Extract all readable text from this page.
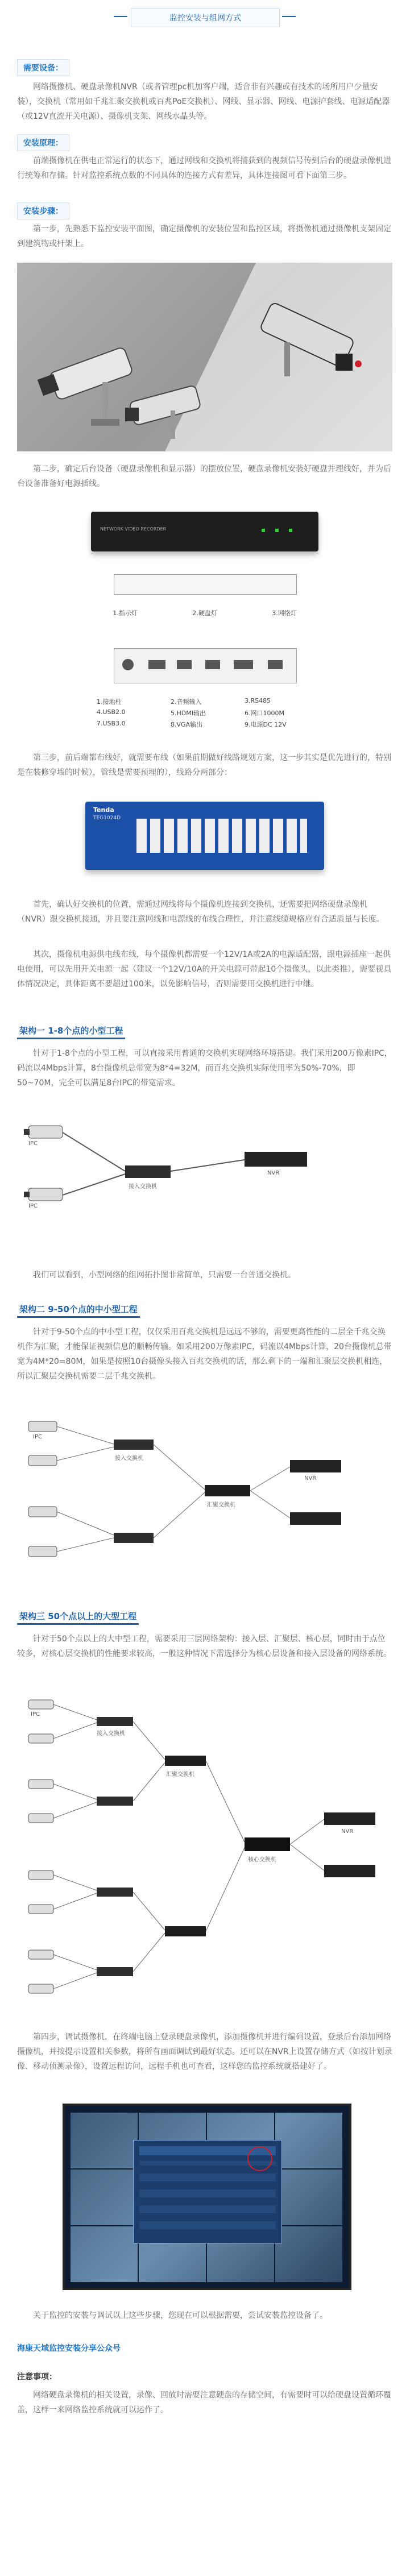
监控安装与组网方式
需要设备：
网络摄像机、硬盘录像机NVR（或者管理pc机加客户端，适合非有兴趣或有技术的场所用户少量安装），交换机（常用如千兆汇聚交换机或百兆PoE交换机）、网线、显示器、网线、电源护套线、电源适配器（或12V直流开关电源）、摄像机支架、网线水晶头等。
安装原理：
前端摄像机在供电正常运行的状态下，通过网线和交换机将捕获到的视频信号传到后台的硬盘录像机进行统筹和存储。针对监控系统点数的不同具体的连接方式有差异，具体连接图可看下面第三步。
安装步骤：
第一步，先熟悉下监控安装平面图，确定摄像机的安装位置和监控区域，将摄像机通过摄像机支架固定到建筑物或杆架上。
第二步，确定后台设备（硬盘录像机和显示器）的摆放位置，硬盘录像机安装好硬盘并理线好，并为后台设备准备好电源插线。
NETWORK VIDEO RECORDER
1.指示灯	2.硬盘灯	3.网络灯
1.接地柱	2.音频输入	3.RS485
4.USB2.0	5.HDMI输出	6.网口1000M
7.USB3.0	8.VGA输出	9.电源DC 12V
第三步，前后端都布线好，就需要布线（如果前期做好线路规划方案，这一步其实是优先进行的，特别是在装修穿墙的时候），管线是需要预埋的），线路分两部分：
Tenda
TEG1024D
首先，确认好交换机的位置，需通过网线将每个摄像机连接到交换机，还需要把网络硬盘录像机（NVR）跟交换机接通，并且要注意网线和电源线的布线合理性，并注意线缆规格应有合适质量与长度。
其次，摄像机电源供电线布线，每个摄像机都需要一个12V/1A或2A的电源适配器，跟电源插座一起供电使用，可以先用开关电源一起（建议一个12V/10A的开关电源可带起10个摄像头，以此类推），需要视具体情况决定，具体距离不要超过100米，以免影响信号，否则需要用交换机进行中继。
架构一 1-8个点的小型工程
针对于1-8个点的小型工程，可以直接采用普通的交换机实现网络环境搭建。我们采用200万像素IPC，码流以4Mbps计算，8台摄像机总带宽为8*4=32M，而百兆交换机实际使用率为50%-70%，即50~70M，完全可以满足8台IPC的带宽需求。
IPC
IPC
接入交换机
NVR
我们可以看到，小型网络的组网拓扑图非常简单，只需要一台普通交换机。
架构二 9-50个点的中小型工程
针对于9-50个点的中小型工程，仅仅采用百兆交换机是远远不够的，需要更高性能的二层全千兆交换机作为汇聚，才能保证视频信息的顺畅传输。如采用200万像素IPC，码流以4Mbps计算，20台摄像机总带宽为4M*20=80M，如果是按照10台摄像头接入百兆交换机的话，那么剩下的一端和汇聚层交换机相连，所以汇聚层交换机需要二层千兆交换机。
IPC
接入交换机
汇聚交换机
NVR
架构三 50个点以上的大型工程
针对于50个点以上的大中型工程，需要采用三层网络架构：接入层、汇聚层、核心层，同时由于点位较多，对核心层交换机的性能要求较高，一般这种情况下需选择分为核心层设备和接入层设备的网络系统。
IPC
接入交换机
汇聚交换机
核心交换机
NVR
第四步，调试摄像机，在终端电脑上登录硬盘录像机，添加摄像机并进行编码设置，登录后台添加网络摄像机，并按提示设置相关参数，将所有画面调试到最好状态。还可以在NVR上设置存储方式（如按计划录像、移动侦测录像），设置远程访问，远程手机也可查看，这样您的监控系统就搭建好了。
关于监控的安装与调试以上这些步骤，您现在可以根据需要，尝试安装监控设备了。
海康天域监控安装分享公众号
注意事项：
网络硬盘录像机的相关设置，录像、回放时需要注意硬盘的存储空间，有需要时可以给硬盘设置循环覆盖，这样一来网络监控系统就可以运作了。
